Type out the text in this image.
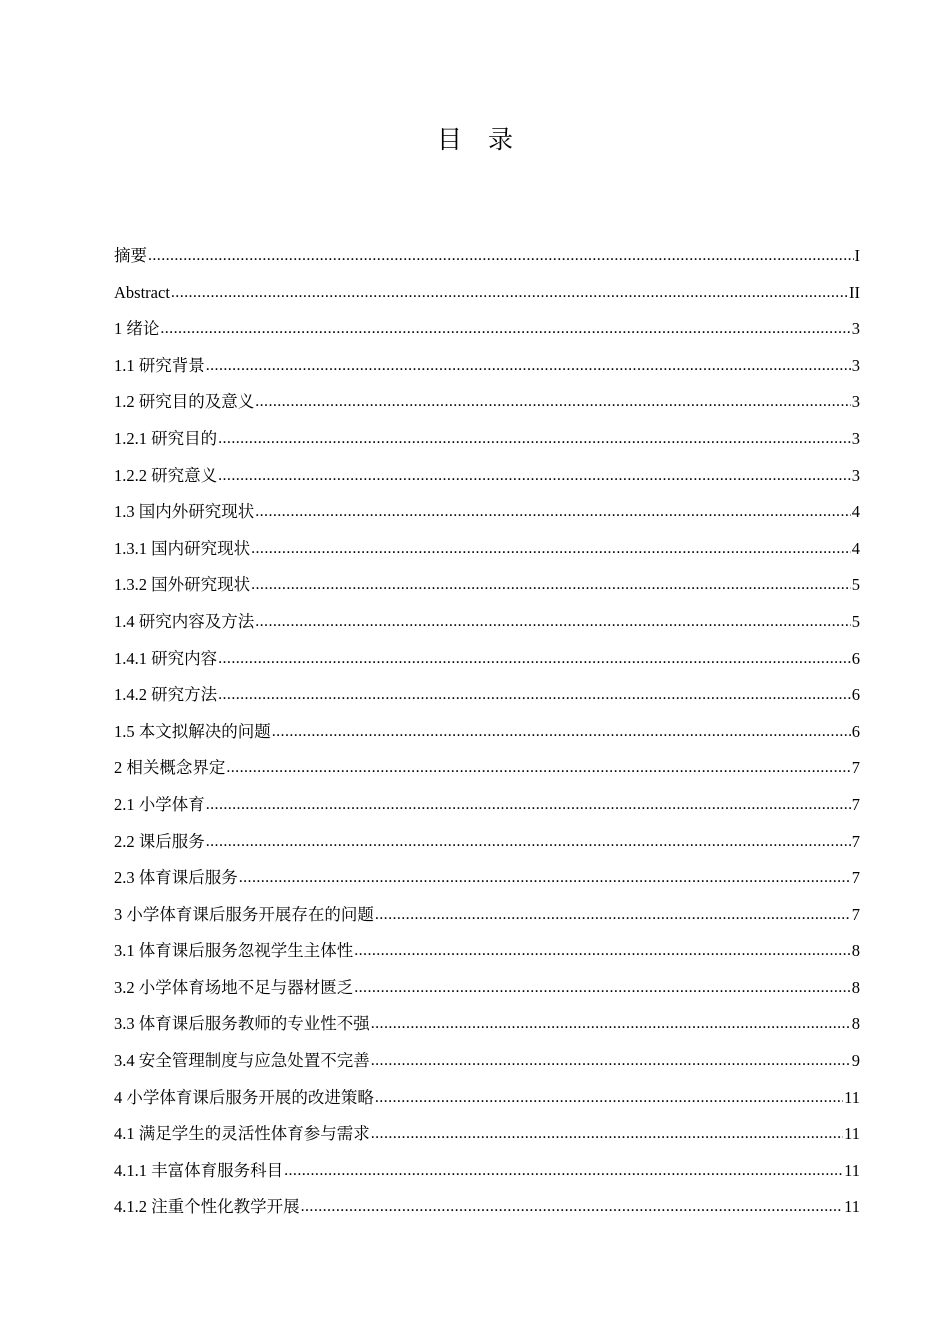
目 录
摘要 .....	I
Abstract .....	II
1 绪论 .....	3
1.1 研究背景 .....	3
1.2 研究目的及意义 .....	3
1.2.1 研究目的 .....	3
1.2.2 研究意义 .....	3
1.3 国内外研究现状 .....	4
1.3.1 国内研究现状 .....	4
1.3.2 国外研究现状 .....	5
1.4 研究内容及方法 .....	5
1.4.1 研究内容 .....	6
1.4.2 研究方法 .....	6
1.5 本文拟解决的问题 .....	6
2 相关概念界定 .....	7
2.1 小学体育 .....	7
2.2 课后服务 .....	7
2.3 体育课后服务 .....	7
3 小学体育课后服务开展存在的问题 .....	7
3.1 体育课后服务忽视学生主体性 .....	8
3.2 小学体育场地不足与器材匮乏 .....	8
3.3 体育课后服务教师的专业性不强 .....	8
3.4 安全管理制度与应急处置不完善 .....	9
4 小学体育课后服务开展的改进策略 .....	11
4.1 满足学生的灵活性体育参与需求 .....	11
4.1.1 丰富体育服务科目 .....	11
4.1.2 注重个性化教学开展 .....	11
